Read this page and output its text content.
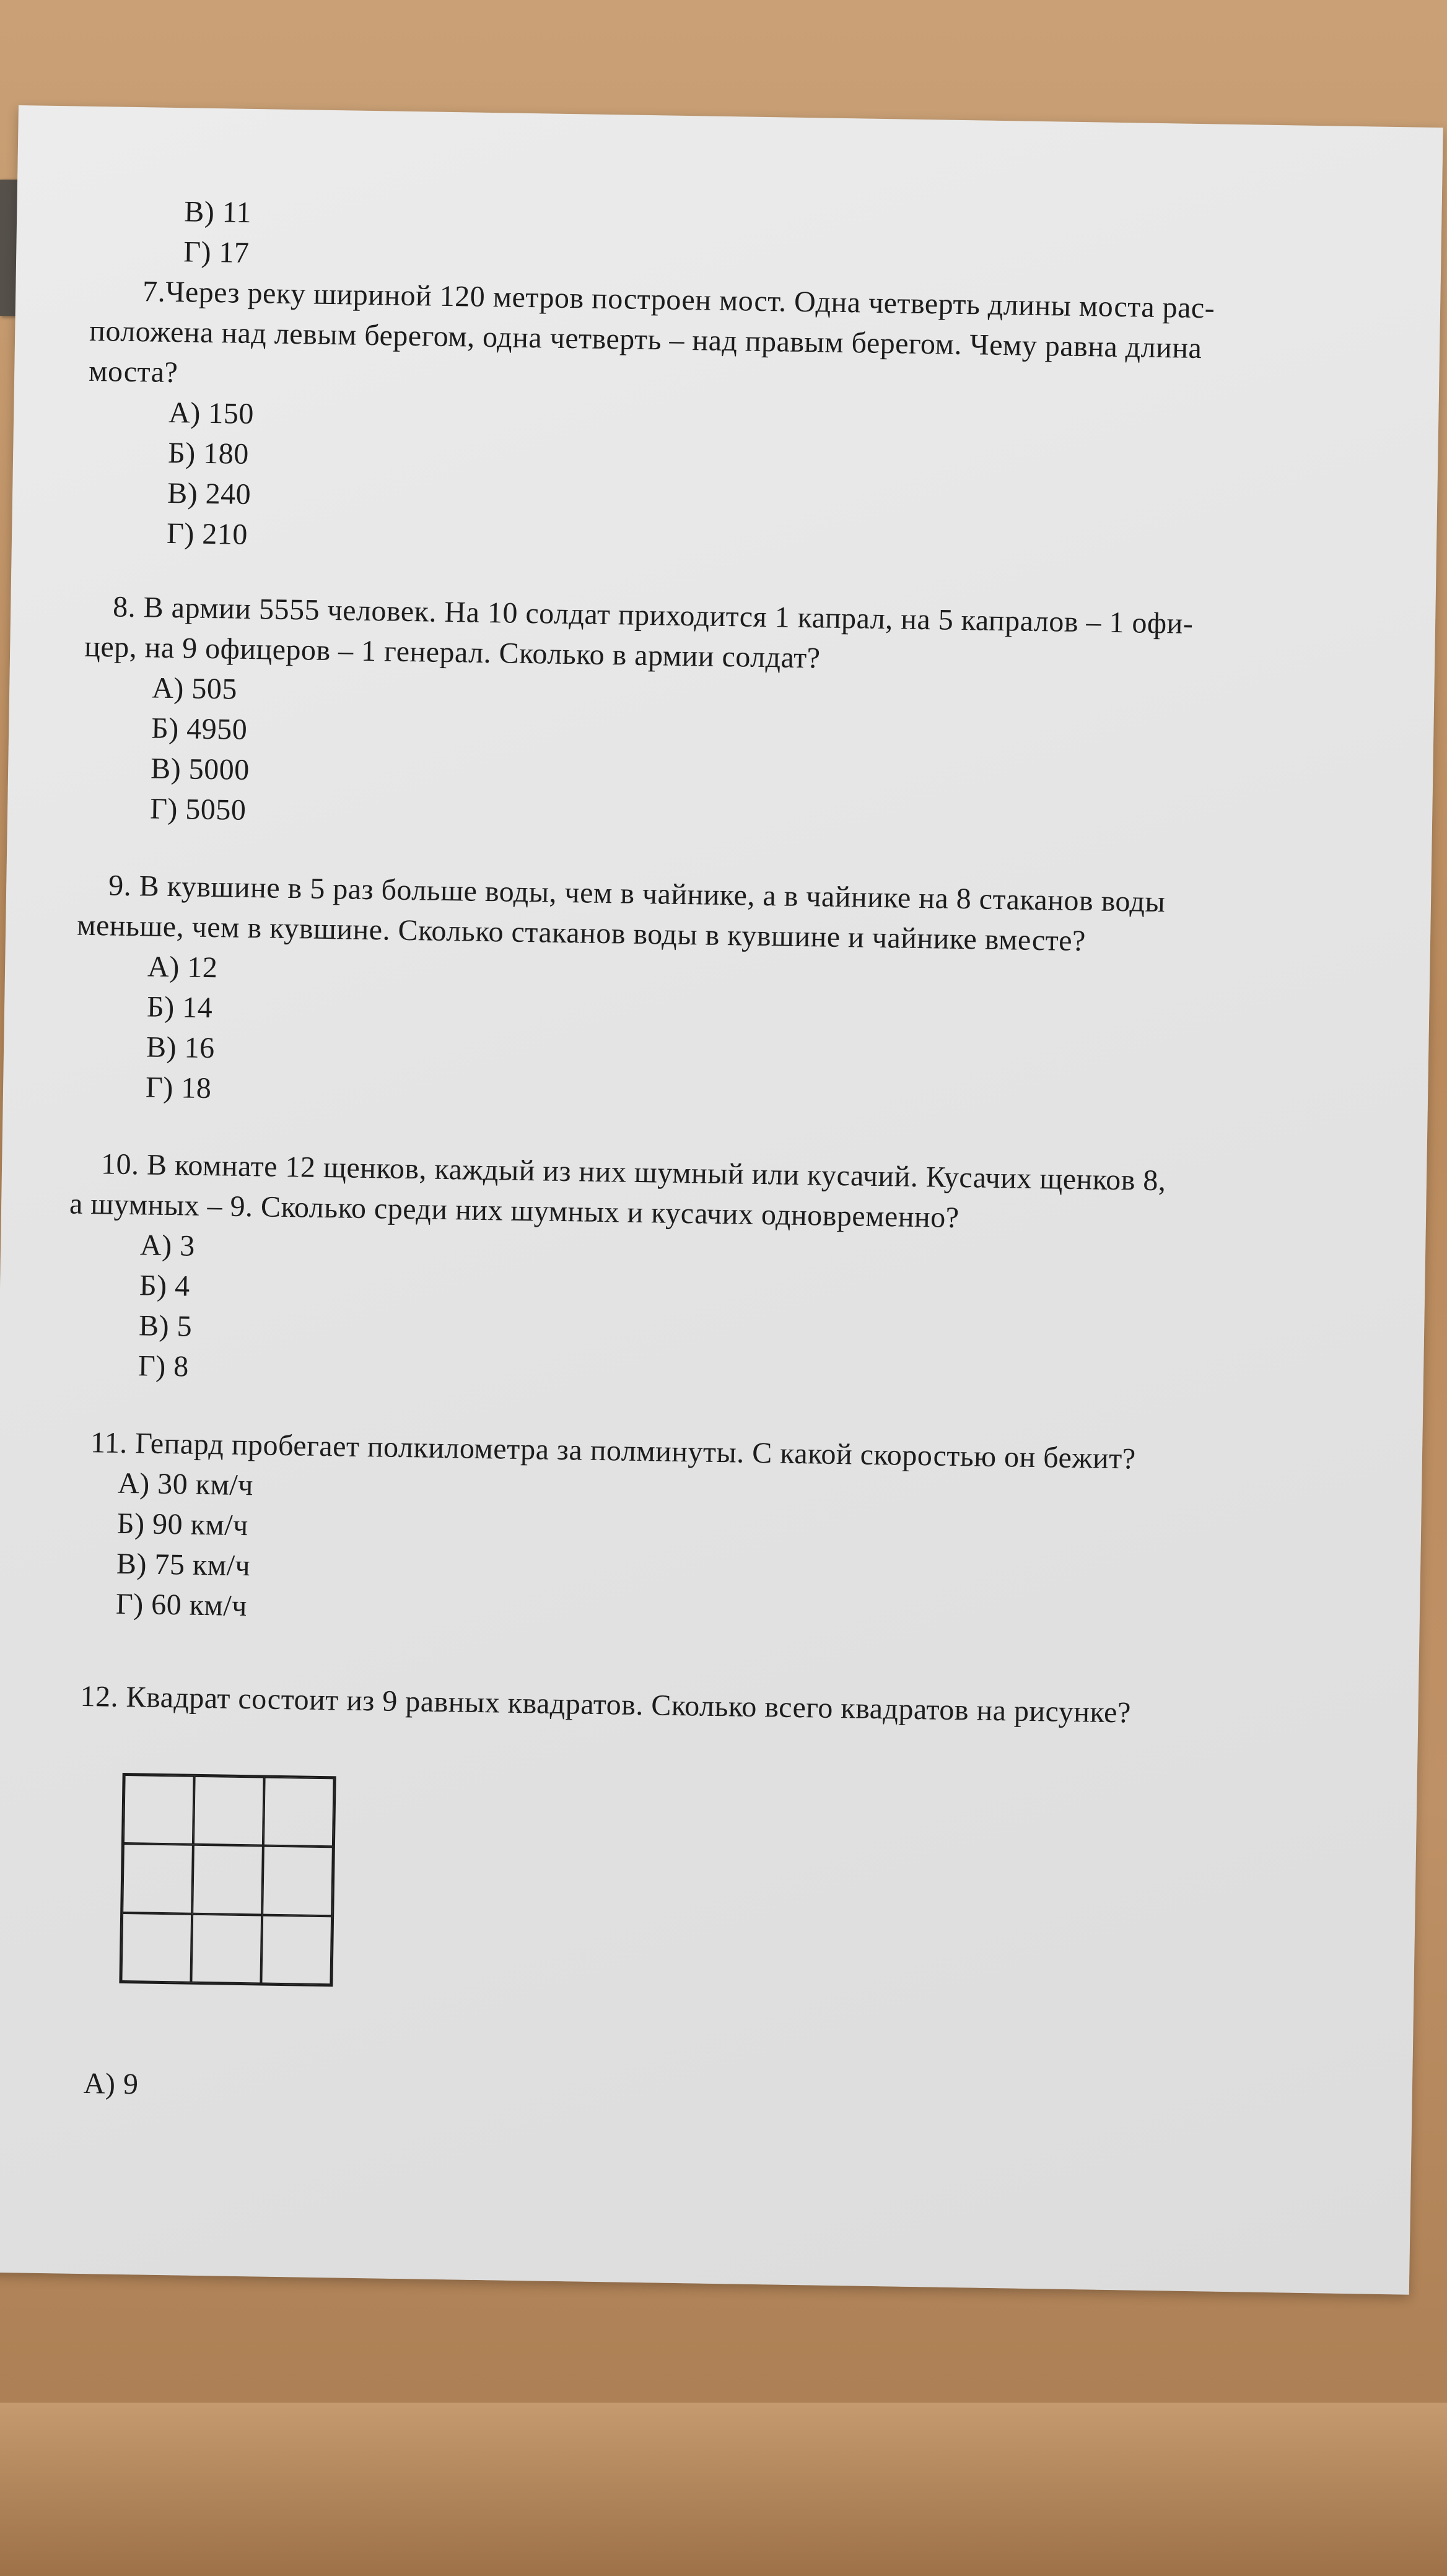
В) 11
Г) 17
7.Через реку шириной 120 метров построен мост. Одна четверть длины моста рас-
положена над левым берегом, одна четверть – над правым берегом. Чему равна длина
моста?
А) 150
Б) 180
В) 240
Г) 210
8. В армии 5555 человек. На 10 солдат приходится 1 капрал, на 5 капралов – 1 офи-
цер, на 9 офицеров – 1 генерал. Сколько в армии солдат?
А) 505
Б) 4950
В) 5000
Г) 5050
9. В кувшине в 5 раз больше воды, чем в чайнике, а в чайнике на 8 стаканов воды
меньше, чем в кувшине. Сколько стаканов воды в кувшине и чайнике вместе?
А) 12
Б) 14
В) 16
Г) 18
10. В комнате 12 щенков, каждый из них шумный или кусачий. Кусачих щенков 8,
а шумных – 9. Сколько среди них шумных и кусачих одновременно?
А) 3
Б) 4
В) 5
Г) 8
11. Гепард пробегает полкилометра за полминуты. С какой скоростью он бежит?
А) 30 км/ч
Б) 90 км/ч
В) 75 км/ч
Г) 60 км/ч
12. Квадрат состоит из 9 равных квадратов. Сколько всего квадратов на рисунке?
А) 9
